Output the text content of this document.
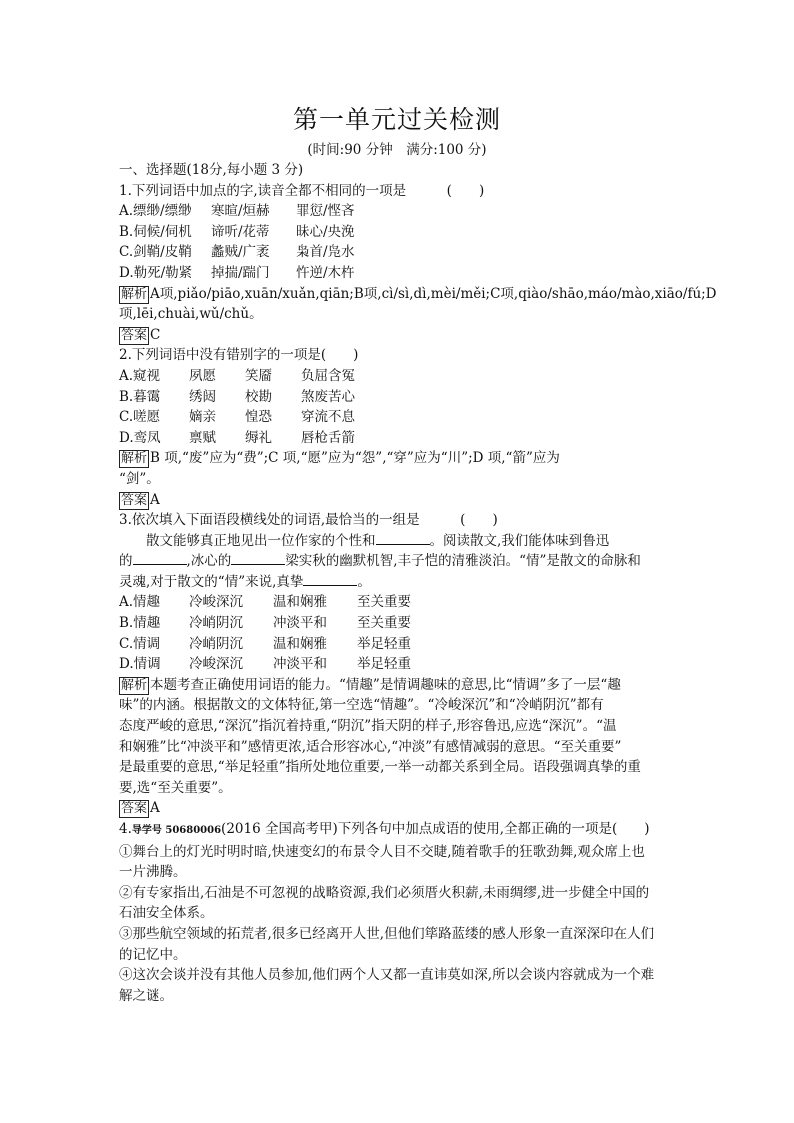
第一单元过关检测
(时间:90 分钟　满分:100 分)
一、选择题(18分,每小题 3 分)
1.下列词语中加点的字,读音全都不相同的一项是　　　(　　)
A.缥缈/缥缈 寒暄/烜赫 罪愆/悭吝
B.伺候/伺机 谛听/花蒂 昧心/央浼
C.剑鞘/皮鞘 蠡贼/广袤 枭首/凫水
D.勒死/勒紧 掉揣/踹门 忤逆/木杵
解析 A项,piǎo/piāo,xuān/xuǎn,qiān;B项,cì/sì,dì,mèi/měi;C项,qiào/shāo,máo/mào,xiāo/fú;D
项,lēi,chuài,wǔ/chǔ。
答案 C
2.下列词语中没有错别字的一项是(　　)
A.窥视 夙愿 笑靥 负屈含冤
B.暮霭 绣闼 校勘 煞废苦心
C.嗟愿 嫡亲 惶恐 穿流不息
D.鸾凤 禀赋 缛礼 唇枪舌箭
解析 B 项,“废”应为“费”;C 项,“愿”应为“怨”,“穿”应为“川”;D 项,“箭”应为
“剑”。
答案 A
3.依次填入下面语段横线处的词语,最恰当的一组是　　　(　　)
散文能够真正地见出一位作家的个性和	。阅读散文,我们能体味到鲁迅
的	,冰心的	梁实秋的幽默机智,丰子恺的清雅淡泊。“情”是散文的命脉和
灵魂,对于散文的“情”来说,真挚	。
A.情趣 冷峻深沉 温和娴雅 至关重要
B.情趣 冷峭阴沉 冲淡平和 至关重要
C.情调 冷峭阴沉 温和娴雅 举足轻重
D.情调 冷峻深沉 冲淡平和 举足轻重
解析 本题考查正确使用词语的能力。“情趣”是情调趣味的意思,比“情调”多了一层“趣
味”的内涵。根据散文的文体特征,第一空选“情趣”。“冷峻深沉”和“冷峭阴沉”都有
态度严峻的意思,“深沉”指沉着持重,“阴沉”指天阴的样子,形容鲁迅,应选“深沉”。“温
和娴雅”比“冲淡平和”感情更浓,适合形容冰心,“冲淡”有感情减弱的意思。“至关重要”
是最重要的意思,“举足轻重”指所处地位重要,一举一动都关系到全局。语段强调真挚的重
要,选“至关重要”。
答案 A
4.导学号 50680006(2016 全国高考甲)下列各句中加点成语的使用,全都正确的一项是(　　)
①舞台上的灯光时明时暗,快速变幻的布景令人目不交睫,随着歌手的狂歌劲舞,观众席上也
一片沸腾。
②有专家指出,石油是不可忽视的战略资源,我们必须厝火积薪,未雨绸缪,进一步健全中国的
石油安全体系。
③那些航空领域的拓荒者,很多已经离开人世,但他们筚路蓝缕的感人形象一直深深印在人们
的记忆中。
④这次会谈并没有其他人员参加,他们两个人又都一直讳莫如深,所以会谈内容就成为一个难
解之谜。
